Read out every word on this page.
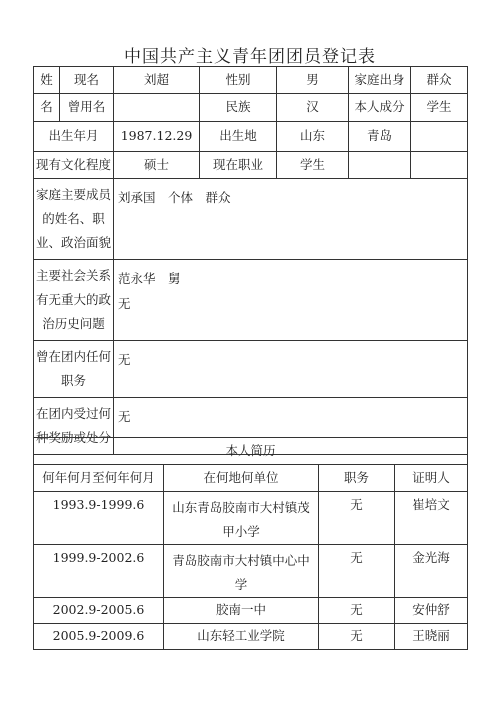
中国共产主义青年团团员登记表
姓	现名	刘超	性别	男	家庭出身	群众
名	曾用名		民族	汉	本人成分	学生
出生年月		1987.12.29	出生地	山东	青岛	
现有文化程度		硕士	现在职业	学生		
家庭主要成员的姓名、职业、政治面貌		刘承国　个体　群众				
主要社会关系有无重大的政治历史问题		范永华　舅
无				

曾在团内任何职务		无				
在团内受过何种奖励或处分		无				
本人简历			
何年何月至何年何月	在何地何单位	职务	证明人
1993.9-1999.6	山东青岛胶南市大村镇茂甲小学	无	崔培文
1999.9-2002.6	青岛胶南市大村镇中心中学	无	金光海
2002.9-2005.6	胶南一中	无	安仲舒
2005.9-2009.6	山东轻工业学院	无	王晓丽
